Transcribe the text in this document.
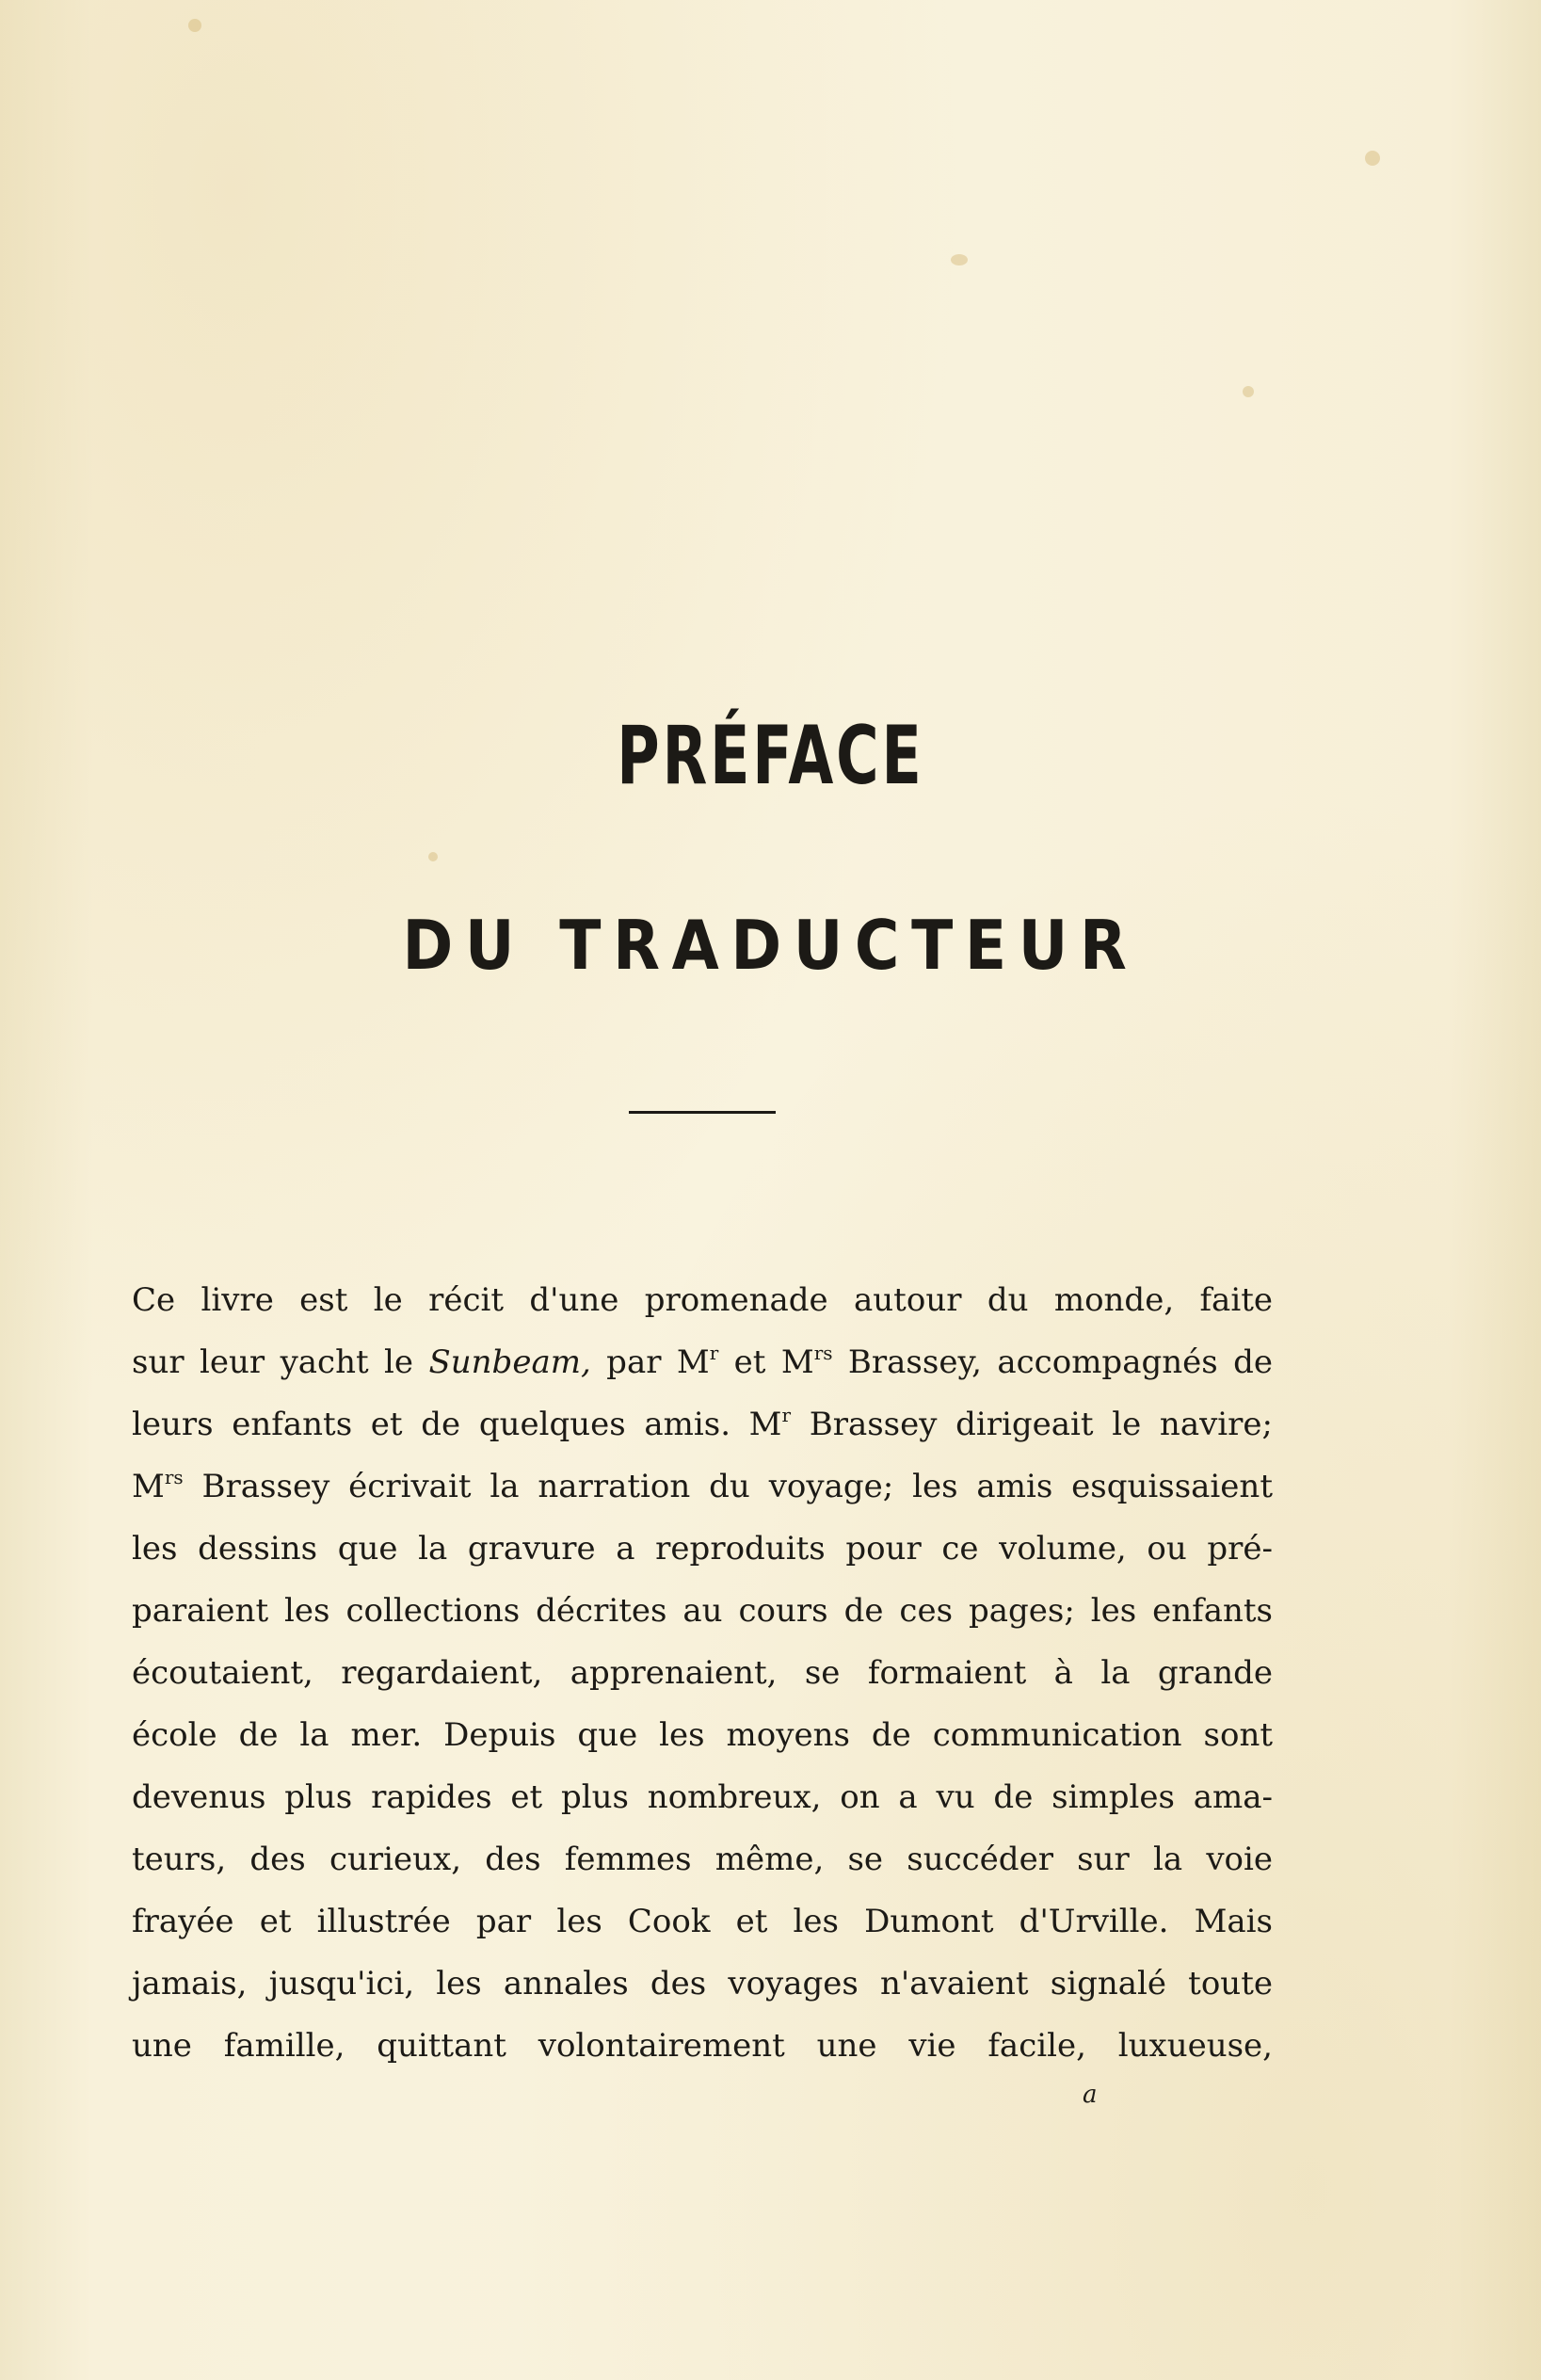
PRÉFACE
DU TRADUCTEUR
Ce livre est le récit d'une promenade autour du monde, faite
sur leur yacht le Sunbeam, par $M^r$ et $M^{rs}$ Brassey, accompagnés de
leurs enfants et de quelques amis. $M^r$ Brassey dirigeait le navire;
$M^{rs}$ Brassey écrivait la narration du voyage; les amis esquissaient
les dessins que la gravure a reproduits pour ce volume, ou pré-
paraient les collections décrites au cours de ces pages; les enfants
écoutaient, regardaient, apprenaient, se formaient à la grande
école de la mer. Depuis que les moyens de communication sont
devenus plus rapides et plus nombreux, on a vu de simples ama-
teurs, des curieux, des femmes même, se succéder sur la voie
frayée et illustrée par les Cook et les Dumont d'Urville. Mais
jamais, jusqu'ici, les annales des voyages n'avaient signalé toute
une famille, quittant volontairement une vie facile, luxueuse,
a
